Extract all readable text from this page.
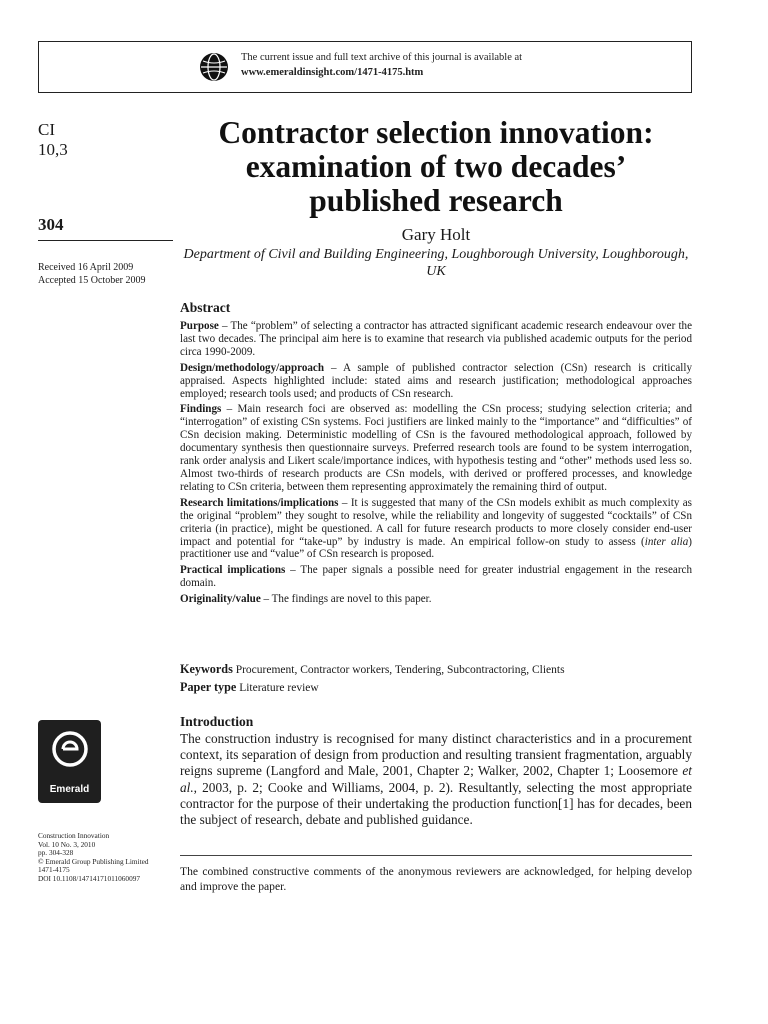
The current issue and full text archive of this journal is available at
www.emeraldinsight.com/1471-4175.htm
CI
10,3
304
Received 16 April 2009
Accepted 15 October 2009
Contractor selection innovation: examination of two decades’ published research
Gary Holt
Department of Civil and Building Engineering, Loughborough University, Loughborough, UK
Abstract

Purpose – The “problem” of selecting a contractor has attracted significant academic research endeavour over the last two decades. The principal aim here is to examine that research via published academic outputs for the period circa 1990-2009.

Design/methodology/approach – A sample of published contractor selection (CSn) research is critically appraised. Aspects highlighted include: stated aims and research justification; methodological approaches employed; research tools used; and products of CSn research.

Findings – Main research foci are observed as: modelling the CSn process; studying selection criteria; and “interrogation” of existing CSn systems. Foci justifiers are linked mainly to the “importance” and “difficulties” of CSn decision making. Deterministic modelling of CSn is the favoured methodological approach, followed by documentary synthesis then questionnaire surveys. Preferred research tools are found to be system interrogation, rank order analysis and Likert scale/importance indices, with hypothesis testing and “other” methods used less so. Almost two-thirds of research products are CSn models, with derived or proffered processes, and knowledge relating to CSn criteria, between them representing approximately the remaining third of output.

Research limitations/implications – It is suggested that many of the CSn models exhibit as much complexity as the original “problem” they sought to resolve, while the reliability and longevity of suggested “cocktails” of CSn criteria (in practice), might be questioned. A call for future research products to more closely consider end-user impact and potential for “take-up” by industry is made. An empirical follow-on study to assess (inter alia) practitioner use and “value” of CSn research is proposed.

Practical implications – The paper signals a possible need for greater industrial engagement in the research domain.

Originality/value – The findings are novel to this paper.

Keywords Procurement, Contractor workers, Tendering, Subcontractoring, Clients
Paper type Literature review
Introduction
The construction industry is recognised for many distinct characteristics and in a procurement context, its separation of design from production and resulting transient fragmentation, arguably reigns supreme (Langford and Male, 2001, Chapter 2; Walker, 2002, Chapter 1; Loosemore et al., 2003, p. 2; Cooke and Williams, 2004, p. 2). Resultantly, selecting the most appropriate contractor for the purpose of their undertaking the production function[1] has for decades, been the subject of research, debate and published guidance.
The combined constructive comments of the anonymous reviewers are acknowledged, for helping develop and improve the paper.
Emerald
Construction Innovation
Vol. 10 No. 3, 2010
pp. 304-328
© Emerald Group Publishing Limited
1471-4175
DOI 10.1108/14714171011060097
